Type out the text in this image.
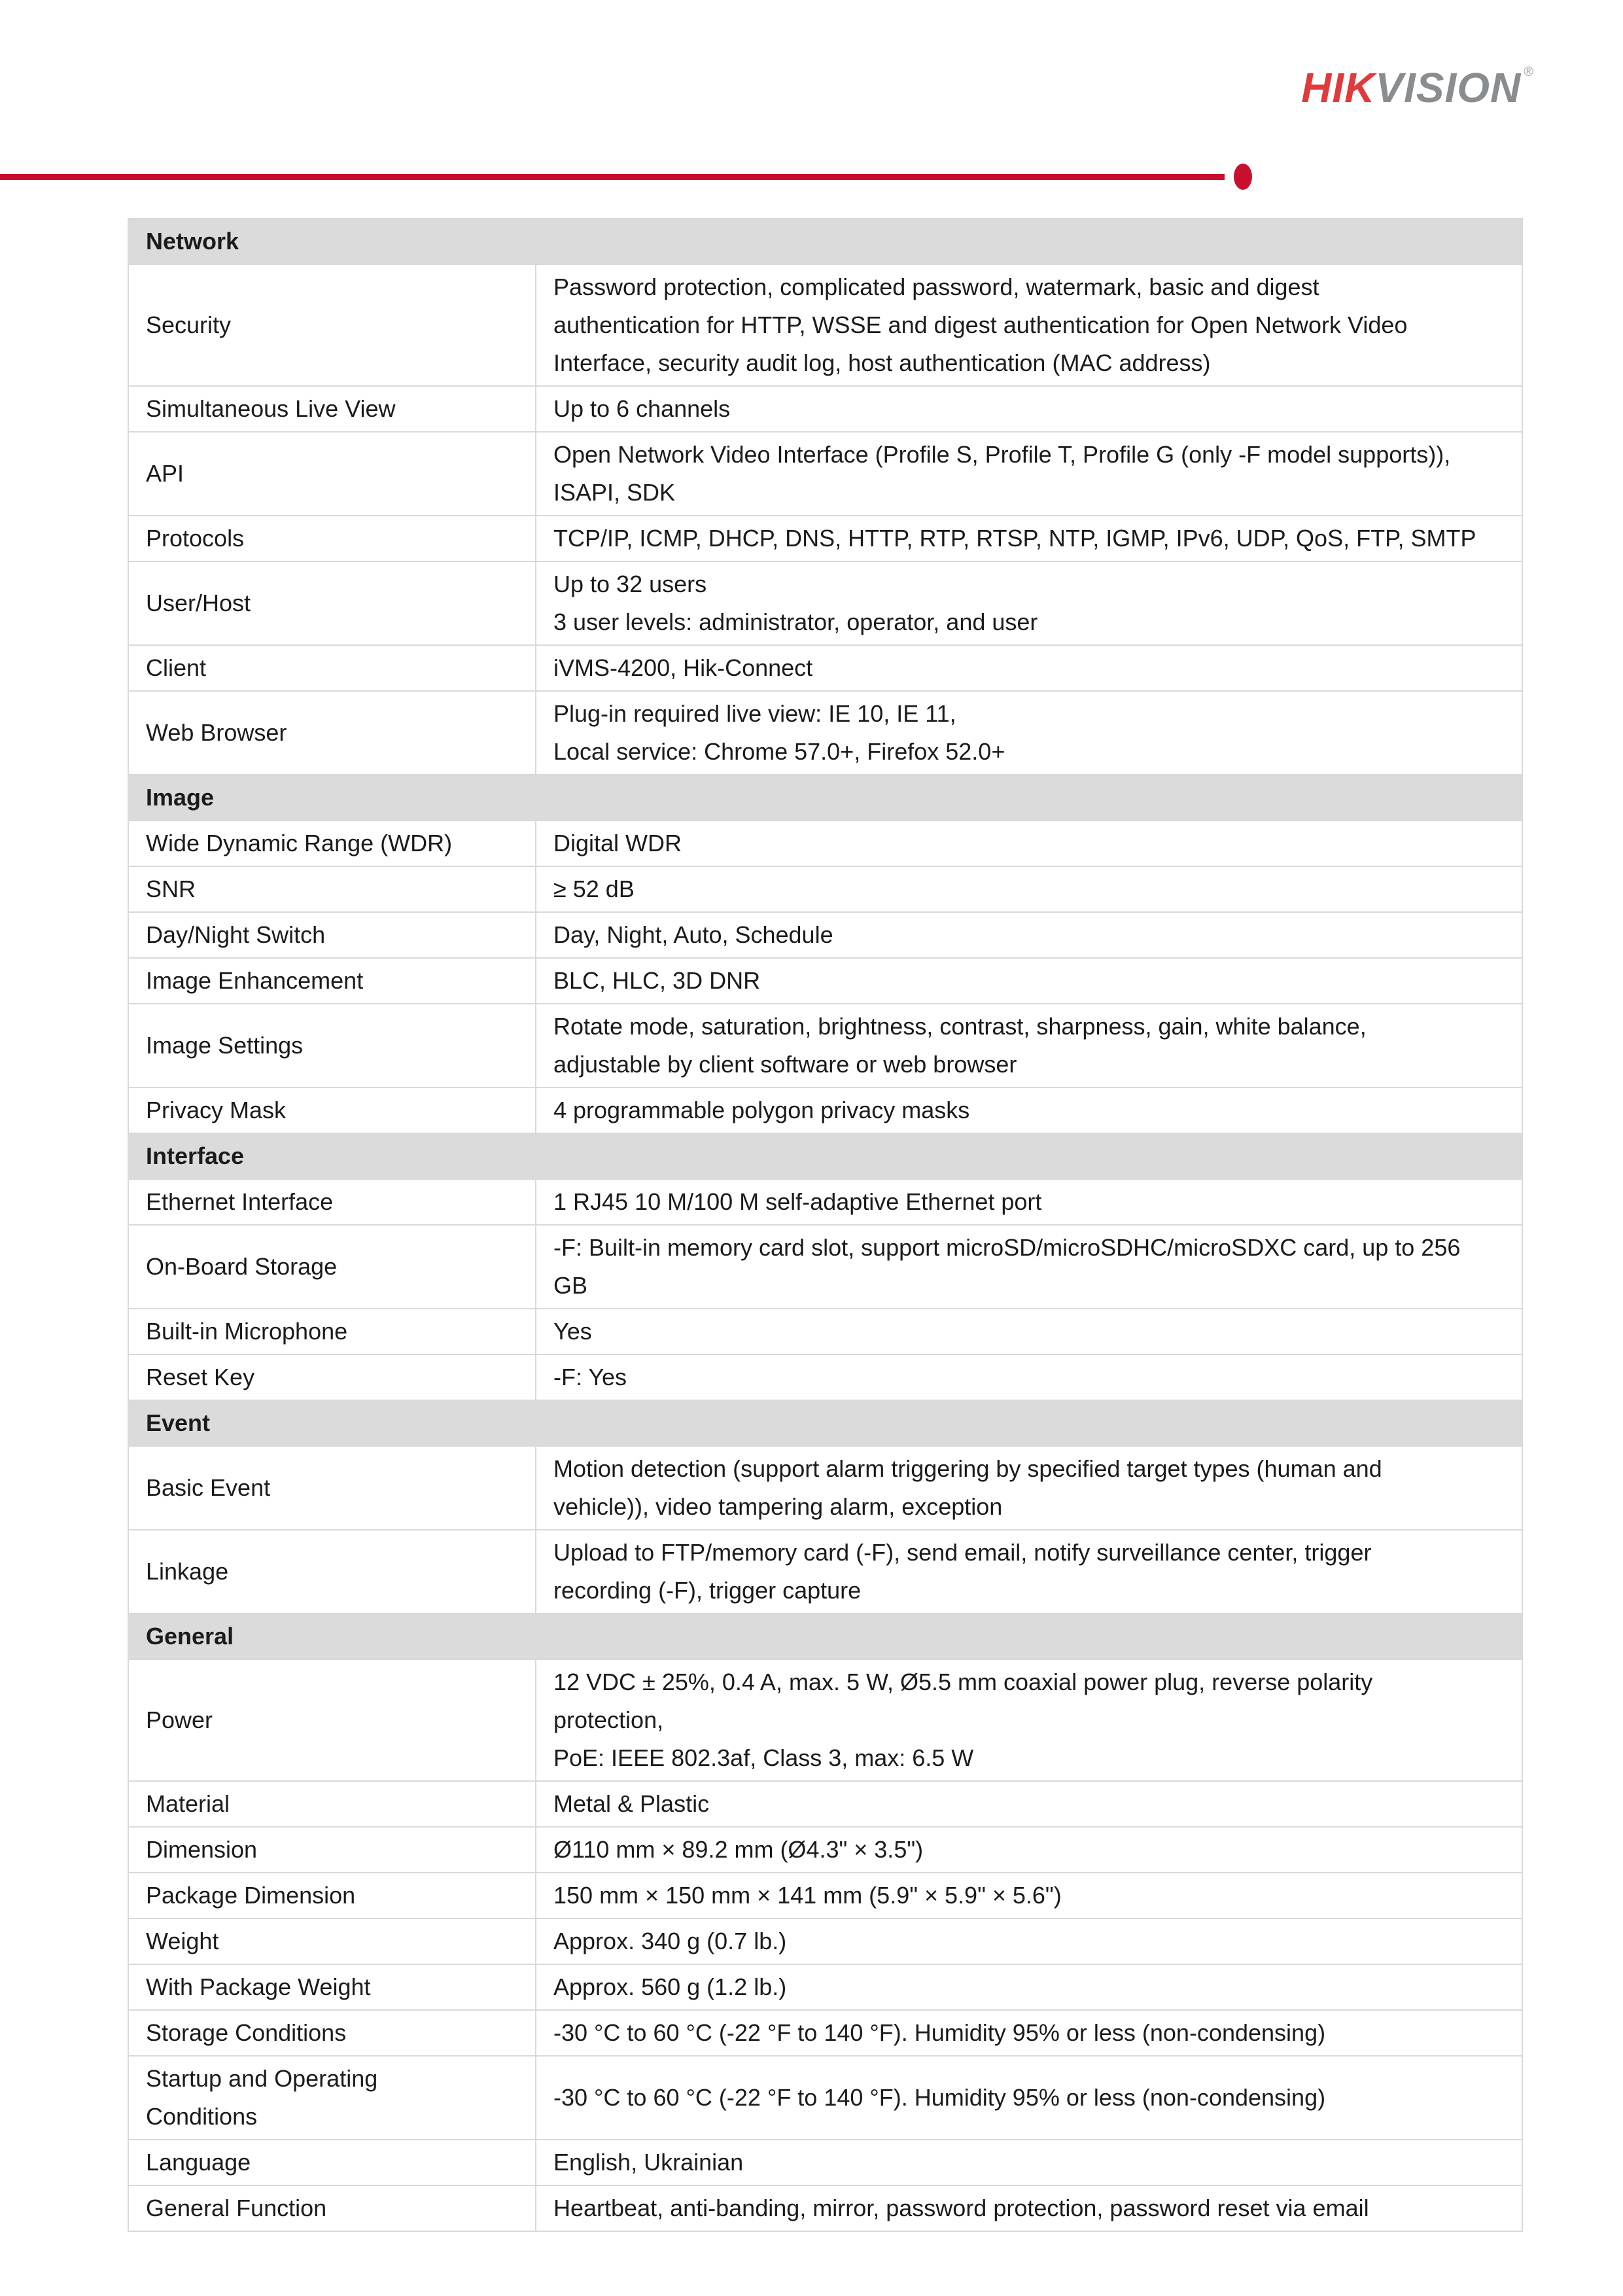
HIKVISION ®
Network	

Security	Password protection, complicated password, watermark, basic and digest
authentication for HTTP, WSSE and digest authentication for Open Network Video
Interface, security audit log, host authentication (MAC address)

Simultaneous Live View	Up to 6 channels

API	Open Network Video Interface (Profile S, Profile T, Profile G (only -F model supports)),
ISAPI, SDK

Protocols	TCP/IP, ICMP, DHCP, DNS, HTTP, RTP, RTSP, NTP, IGMP, IPv6, UDP, QoS, FTP, SMTP

User/Host	Up to 32 users
3 user levels: administrator, operator, and user

Client	iVMS-4200, Hik-Connect

Web Browser	Plug-in required live view: IE 10, IE 11,
Local service: Chrome 57.0+, Firefox 52.0+

Image	

Wide Dynamic Range (WDR)	Digital WDR

SNR	≥ 52 dB

Day/Night Switch	Day, Night, Auto, Schedule

Image Enhancement	BLC, HLC, 3D DNR

Image Settings	Rotate mode, saturation, brightness, contrast, sharpness, gain, white balance,
adjustable by client software or web browser

Privacy Mask	4 programmable polygon privacy masks

Interface	

Ethernet Interface	1 RJ45 10 M/100 M self-adaptive Ethernet port

On-Board Storage	-F: Built-in memory card slot, support microSD/microSDHC/microSDXC card, up to 256
GB

Built-in Microphone	Yes

Reset Key	-F: Yes

Event	

Basic Event	Motion detection (support alarm triggering by specified target types (human and
vehicle)), video tampering alarm, exception

Linkage	Upload to FTP/memory card (-F), send email, notify surveillance center, trigger
recording (-F), trigger capture

General	

Power	12 VDC ± 25%, 0.4 A, max. 5 W, Ø5.5 mm coaxial power plug, reverse polarity
protection,
PoE: IEEE 802.3af, Class 3, max: 6.5 W

Material	Metal & Plastic

Dimension	Ø110 mm × 89.2 mm (Ø4.3" × 3.5")

Package Dimension	150 mm × 150 mm × 141 mm (5.9" × 5.9" × 5.6")

Weight	Approx. 340 g (0.7 lb.)

With Package Weight	Approx. 560 g (1.2 lb.)

Storage Conditions	-30 °C to 60 °C (-22 °F to 140 °F). Humidity 95% or less (non-condensing)

Startup and Operating
Conditions	-30 °C to 60 °C (-22 °F to 140 °F). Humidity 95% or less (non-condensing)

Language	English, Ukrainian

General Function	Heartbeat, anti-banding, mirror, password protection, password reset via email
